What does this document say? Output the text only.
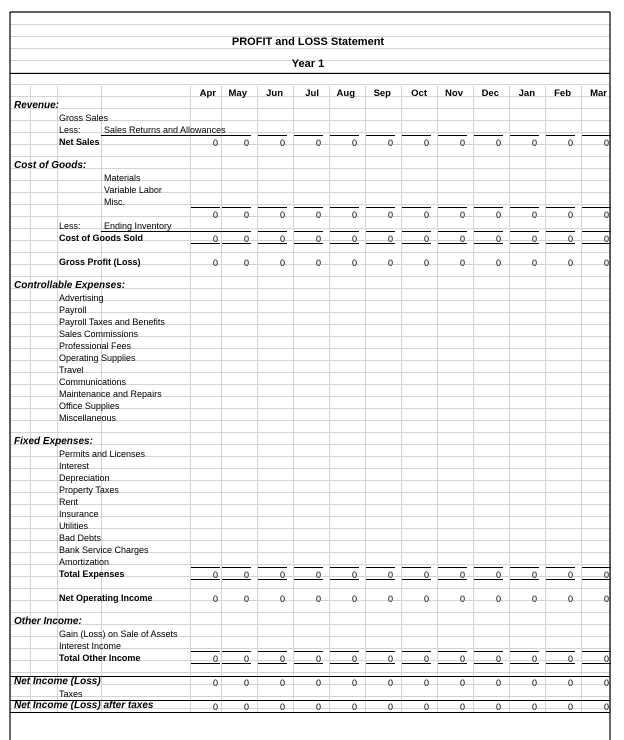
PROFIT and LOSS Statement
Year 1
Apr	May	Jun	Jul	Aug	Sep	Oct	Nov	Dec	Jan	Feb	Mar
Revenue:
Gross Sales
Less:	Sales Returns and Allowances
Net Sales	0	0	0	0	0	0	0	0	0	0	0	0
Cost of Goods:
Materials
Variable Labor
Misc.
0	0	0	0	0	0	0	0	0	0	0	0
Less:	Ending Inventory
Cost of Goods Sold	0	0	0	0	0	0	0	0	0	0	0	0
Gross Profit (Loss)	0	0	0	0	0	0	0	0	0	0	0	0
Controllable Expenses:
Advertising
Payroll
Payroll Taxes and Benefits
Sales Commissions
Professional Fees
Operating Supplies
Travel
Communications
Maintenance and Repairs
Office Supplies
Miscellaneous
Fixed Expenses:
Permits and Licenses
Interest
Depreciation
Property Taxes
Rent
Insurance
Utilities
Bad Debts
Bank Service Charges
Amortization
Total Expenses	0	0	0	0	0	0	0	0	0	0	0	0
Net Operating Income	0	0	0	0	0	0	0	0	0	0	0	0
Other Income:
Gain (Loss) on Sale of Assets
Interest Income
Total Other Income	0	0	0	0	0	0	0	0	0	0	0	0
Net Income (Loss)	0	0	0	0	0	0	0	0	0	0	0	0
Taxes
Net Income (Loss) after taxes	0	0	0	0	0	0	0	0	0	0	0	0
